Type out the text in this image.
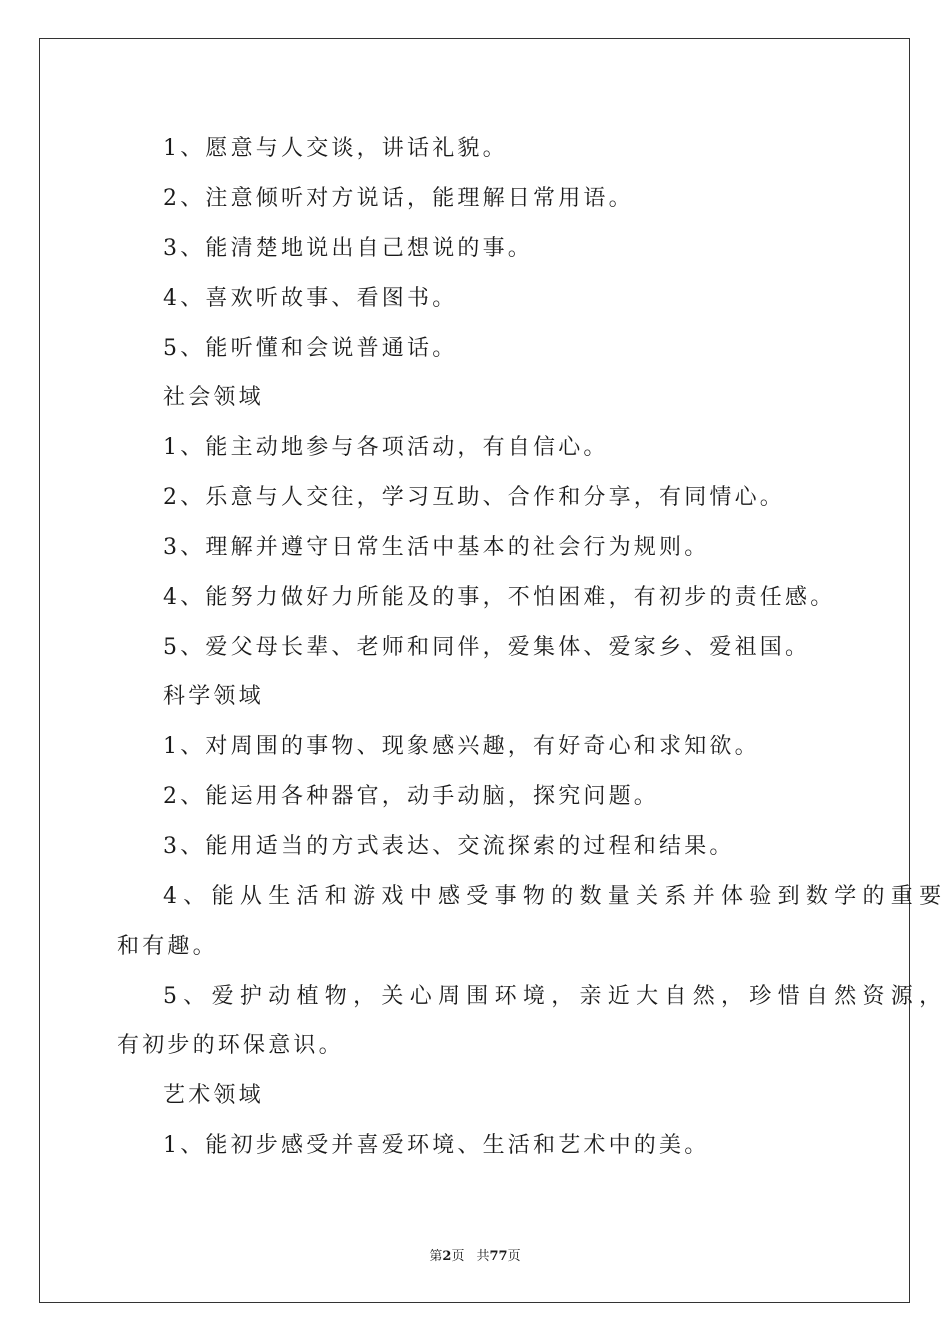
1、愿意与人交谈，讲话礼貌。
2、注意倾听对方说话，能理解日常用语。
3、能清楚地说出自己想说的事。
4、喜欢听故事、看图书。
5、能听懂和会说普通话。
社会领域
1、能主动地参与各项活动，有自信心。
2、乐意与人交往，学习互助、合作和分享，有同情心。
3、理解并遵守日常生活中基本的社会行为规则。
4、能努力做好力所能及的事，不怕困难，有初步的责任感。
5、爱父母长辈、老师和同伴，爱集体、爱家乡、爱祖国。
科学领域
1、对周围的事物、现象感兴趣，有好奇心和求知欲。
2、能运用各种器官，动手动脑，探究问题。
3、能用适当的方式表达、交流探索的过程和结果。
4、能从生活和游戏中感受事物的数量关系并体验到数学的重要
和有趣。
5、爱护动植物，关心周围环境，亲近大自然，珍惜自然资源，
有初步的环保意识。
艺术领域
1、能初步感受并喜爱环境、生活和艺术中的美。
第2页 共77页
